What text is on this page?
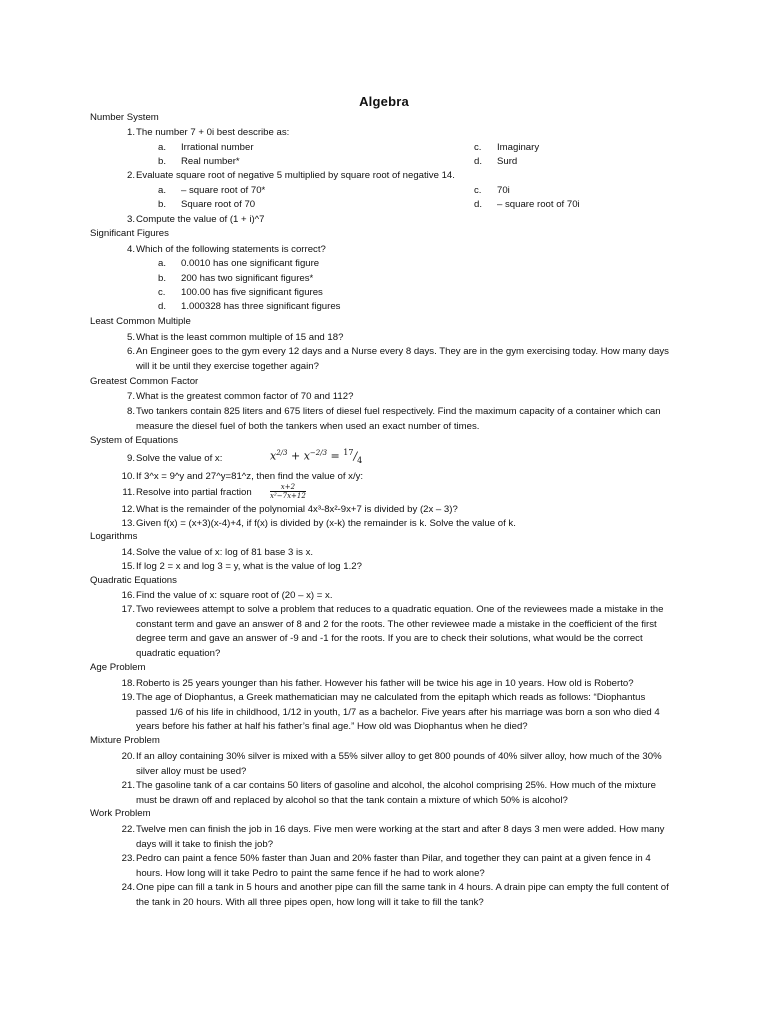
Algebra
Number System
1. The number 7 + 0i best describe as:
a.	Irrational number	c.	Imaginary
b.	Real number*	d.	Surd
2. Evaluate square root of negative 5 multiplied by square root of negative 14.
a.	– square root of 70*	c.	70i
b.	Square root of 70	d.	– square root of 70i
3. Compute the value of (1 + i)^7
Significant Figures
4. Which of the following statements is correct?
a.	0.0010 has one significant figure
b.	200 has two significant figures*
c.	100.00 has five significant figures
d.	1.000328 has three significant figures
Least Common Multiple
5. What is the least common multiple of 15 and 18?
6. An Engineer goes to the gym every 12 days and a Nurse every 8 days. They are in the gym exercising today. How many days will it be until they exercise together again?
Greatest Common Factor
7. What is the greatest common factor of 70 and 112?
8. Two tankers contain 825 liters and 675 liters of diesel fuel respectively. Find the maximum capacity of a container which can measure the diesel fuel of both the tankers when used an exact number of times.
System of Equations
9. Solve the value of x:	$x^{2/3} + x^{-2/3} = ^{17}/_4$
10. If 3^x = 9^y and 27^y=81^z, then find the value of x/y:
11. Resolve into partial fraction	$\frac{x+2}{\text{x²−7x+12}}$
12. What is the remainder of the polynomial 4x³-8x²-9x+7 is divided by (2x – 3)?
13. Given f(x) = (x+3)(x-4)+4, if f(x) is divided by (x-k) the remainder is k. Solve the value of k.
Logarithms
14. Solve the value of x: log of 81 base 3 is x.
15. If log 2 = x and log 3 = y, what is the value of log 1.2?
Quadratic Equations
16. Find the value of x: square root of (20 – x) = x.
17. Two reviewees attempt to solve a problem that reduces to a quadratic equation. One of the reviewees made a mistake in the constant term and gave an answer of 8 and 2 for the roots. The other reviewee made a mistake in the coefficient of the first degree term and gave an answer of -9 and -1 for the roots. If you are to check their solutions, what would be the correct quadratic equation?
Age Problem
18. Roberto is 25 years younger than his father. However his father will be twice his age in 10 years. How old is Roberto?
19. The age of Diophantus, a Greek mathematician may ne calculated from the epitaph which reads as follows: “Diophantus passed 1/6 of his life in childhood, 1/12 in youth, 1/7 as a bachelor. Five years after his marriage was born a son who died 4 years before his father at half his father’s final age.” How old was Diophantus when he died?
Mixture Problem
20. If an alloy containing 30% silver is mixed with a 55% silver alloy to get 800 pounds of 40% silver alloy, how much of the 30% silver alloy must be used?
21. The gasoline tank of a car contains 50 liters of gasoline and alcohol, the alcohol comprising 25%. How much of the mixture must be drawn off and replaced by alcohol so that the tank contain a mixture of which 50% is alcohol?
Work Problem
22. Twelve men can finish the job in 16 days. Five men were working at the start and after 8 days 3 men were added. How many days will it take to finish the job?
23. Pedro can paint a fence 50% faster than Juan and 20% faster than Pilar, and together they can paint at a given fence in 4 hours. How long will it take Pedro to paint the same fence if he had to work alone?
24. One pipe can fill a tank in 5 hours and another pipe can fill the same tank in 4 hours. A drain pipe can empty the full content of the tank in 20 hours. With all three pipes open, how long will it take to fill the tank?
